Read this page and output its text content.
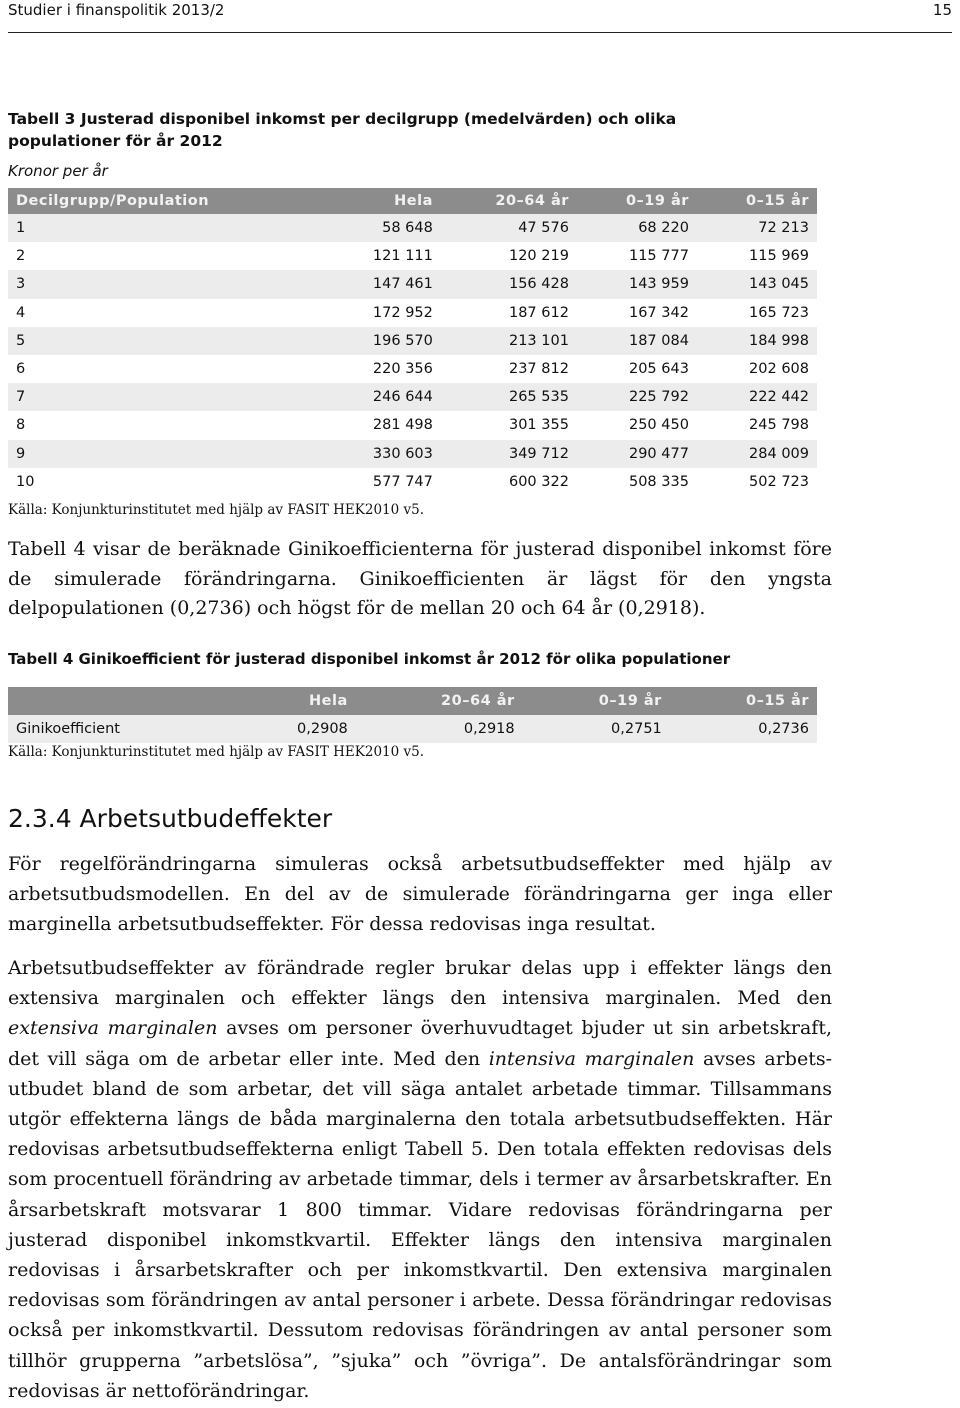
Studier i finanspolitik 2013/2	15
Tabell 3 Justerad disponibel inkomst per decilgrupp (medelvärden) och olika populationer för år 2012
Kronor per år
Decilgrupp/Population	Hela	20–64 år	0–19 år	0–15 år
1	58 648	47 576	68 220	72 213
2	121 111	120 219	115 777	115 969
3	147 461	156 428	143 959	143 045
4	172 952	187 612	167 342	165 723
5	196 570	213 101	187 084	184 998
6	220 356	237 812	205 643	202 608
7	246 644	265 535	225 792	222 442
8	281 498	301 355	250 450	245 798
9	330 603	349 712	290 477	284 009
10	577 747	600 322	508 335	502 723
Källa: Konjunkturinstitutet med hjälp av FASIT HEK2010 v5.

Tabell 4 visar de beräknade Ginikoefficienterna för justerad disponibel inkomst före de simulerade förändringarna. Ginikoefficienten är lägst för den yngsta delpopulationen (0,2736) och högst för de mellan 20 och 64 år (0,2918).

Tabell 4 Ginikoefficient för justerad disponibel inkomst år 2012 för olika populationer
	Hela	20–64 år	0–19 år	0–15 år
Ginikoefficient	0,2908	0,2918	0,2751	0,2736
Källa: Konjunkturinstitutet med hjälp av FASIT HEK2010 v5.
2.3.4 Arbetsutbudeffekter

För regelförändringarna simuleras också arbetsutbudseffekter med hjälp av arbetsutbudsmodellen. En del av de simulerade förändringarna ger inga eller marginella arbetsutbudseffekter. För dessa redovisas inga resultat.

Arbetsutbudseffekter av förändrade regler brukar delas upp i effekter längs den extensiva marginalen och effekter längs den intensiva marginalen. Med den extensiva marginalen avses om personer överhuvudtaget bjuder ut sin arbetskraft, det vill säga om de arbetar eller inte. Med den intensiva marginalen avses arbetsutbudet bland de som arbetar, det vill säga antalet arbetade timmar. Tillsammans utgör effekterna längs de båda marginalerna den totala arbetsutbudseffekten. Här redovisas arbetsutbudseffekterna enligt Tabell 5. Den totala effekten redovisas dels som procentuell förändring av arbetade timmar, dels i termer av årsarbetskrafter. En årsarbetskraft motsvarar 1 800 timmar. Vidare redovisas förändringarna per justerad disponibel inkomstkvartil. Effekter längs den intensiva marginalen redovisas i årsarbetskrafter och per inkomstkvartil. Den extensiva marginalen redovisas som förändringen av antal personer i arbete. Dessa förändringar redovisas också per inkomstkvartil. Dessutom redovisas förändringen av antal personer som tillhör grupperna ”arbetslösa”, ”sjuka” och ”övriga”. De antalsförändringar som redovisas är nettoförändringar.
